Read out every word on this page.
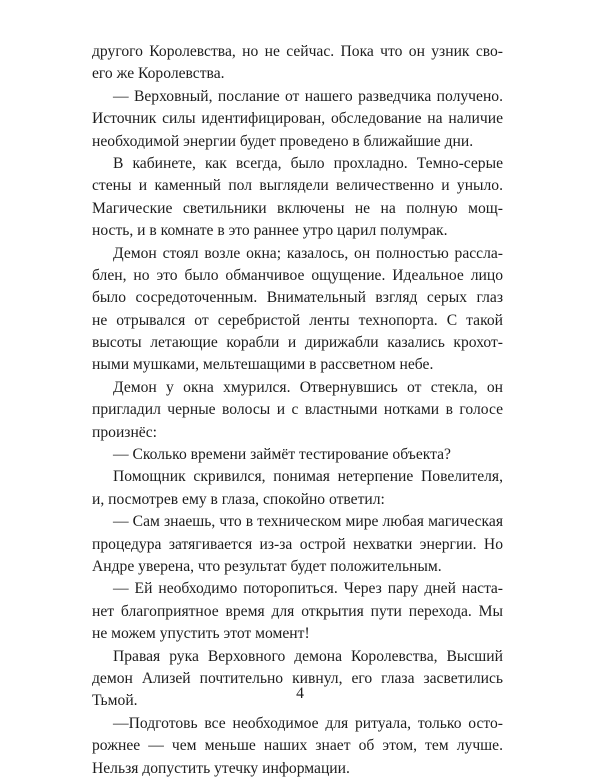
другого Королевства, но не сейчас. Пока что он узник сво-
его же Королевства.
— Верховный, послание от нашего разведчика получено.
Источник силы идентифицирован, обследование на наличие
необходимой энергии будет проведено в ближайшие дни.
В кабинете, как всегда, было прохладно. Темно-серые
стены и каменный пол выглядели величественно и уныло.
Магические светильники включены не на полную мощ-
ность, и в комнате в это раннее утро царил полумрак.
Демон стоял возле окна; казалось, он полностью рассла-
блен, но это было обманчивое ощущение. Идеальное лицо
было сосредоточенным. Внимательный взгляд серых глаз
не отрывался от серебристой ленты технопорта. С такой
высоты летающие корабли и дирижабли казались крохот-
ными мушками, мельтешащими в рассветном небе.
Демон у окна хмурился. Отвернувшись от стекла, он
пригладил черные волосы и с властными нотками в голосе
произнёс:
— Сколько времени займёт тестирование объекта?
Помощник скривился, понимая нетерпение Повелителя,
и, посмотрев ему в глаза, спокойно ответил:
— Сам знаешь, что в техническом мире любая магическая
процедура затягивается из-за острой нехватки энергии. Но
Андре уверена, что результат будет положительным.
— Ей необходимо поторопиться. Через пару дней настa-
нет благоприятное время для открытия пути перехода. Мы
не можем упустить этот момент!
Правая рука Верховного демона Королевства, Высший
демон Ализей почтительно кивнул, его глаза засветились
Тьмой.
—Подготовь все необходимое для ритуала, только осто-
рожнее — чем меньше наших знает об этом, тем лучше.
Нельзя допустить утечку информации.
4
